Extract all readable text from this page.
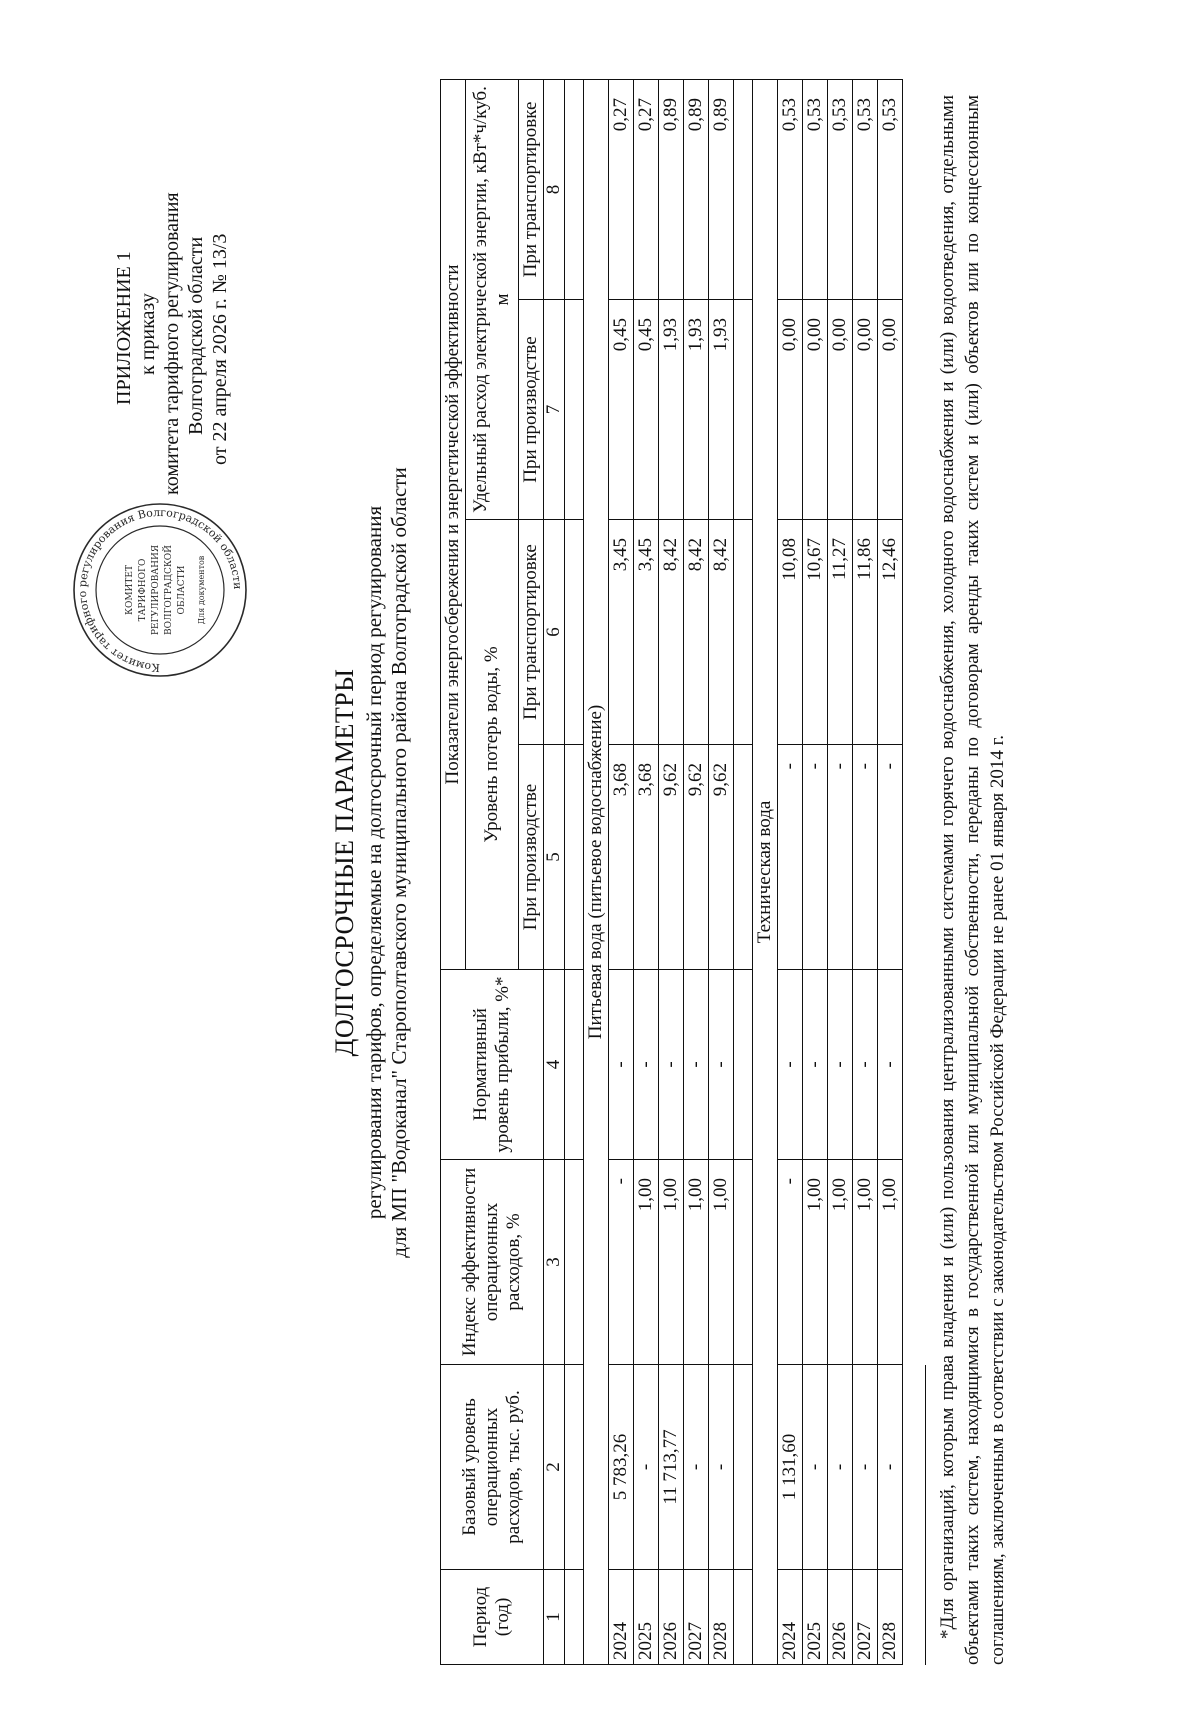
ПРИЛОЖЕНИЕ 1 к приказу комитета тарифного регулирования Волгоградской области от 22 апреля 2026 г. № 13/3
Комитет тарифного регулирования Волгоградской области
КОМИТЕТ ТАРИФНОГО РЕГУЛИРОВАНИЯ ВОЛГОГРАДСКОЙ ОБЛАСТИ Для документов
ДОЛГОСРОЧНЫЕ ПАРАМЕТРЫ регулирования тарифов, определяемые на долгосрочный период регулирования для МП "Водоканал" Старополтавского муниципального района Волгоградской области
Период (год)	Базовый уровень операционных расходов, тыс. руб.	Индекс эффективности операционных расходов, %	Нормативный уровень прибыли, %*	Показатели энергосбережения и энергетической эффективности			
				Уровень потерь воды, %		Удельный расход электрической энергии, кВт*ч/куб. м	
				При производстве	При транспортировке	При производстве	При транспортировке
1	2	3	4	5	6	7	8

Питьевая вода (питьевое водоснабжение)							
2024	5 783,26	-	-	3,68	3,45	0,45	0,27
2025	-	1,00	-	3,68	3,45	0,45	0,27
2026	11 713,77	1,00	-	9,62	8,42	1,93	0,89
2027	-	1,00	-	9,62	8,42	1,93	0,89
2028	-	1,00	-	9,62	8,42	1,93	0,89

Техническая вода							
2024	1 131,60	-	-	-	10,08	0,00	0,53
2025	-	1,00	-	-	10,67	0,00	0,53
2026	-	1,00	-	-	11,27	0,00	0,53
2027	-	1,00	-	-	11,86	0,00	0,53
2028	-	1,00	-	-	12,46	0,00	0,53 *Для организаций, которым права владения и (или) пользования централизованными системами горячего водоснабжения, холодного водоснабжения и (или) водоотведения, отдельными объектами таких систем, находящимися в государственной или муниципальной собственности, переданы по договорам аренды таких систем и (или) объектов или по концессионным соглашениям, заключенным в соответствии с законодательством Российской Федерации не ранее 01 января 2014 г.
